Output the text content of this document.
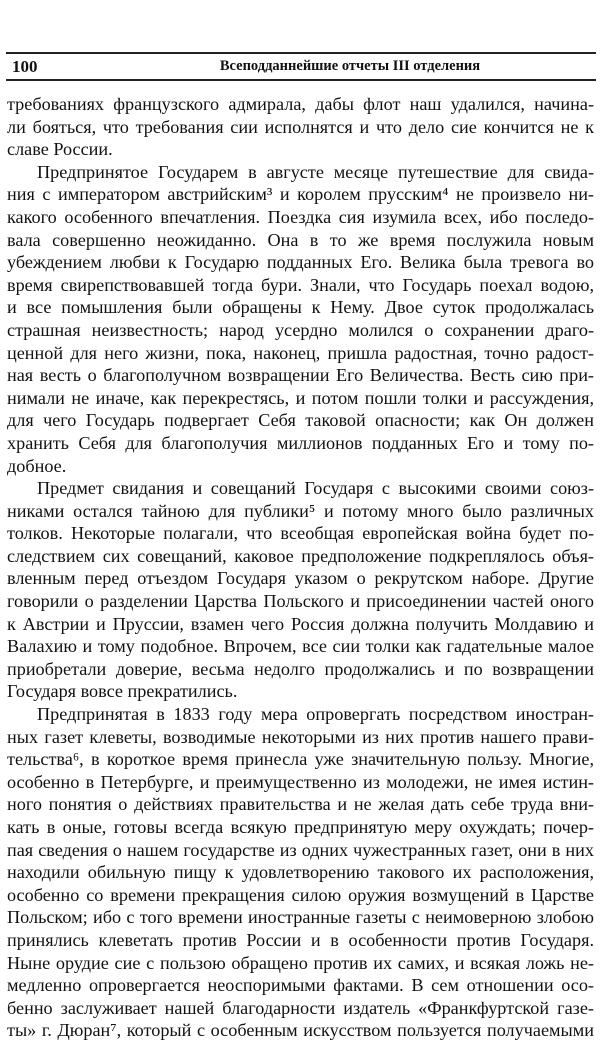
100	Всеподданнейшие отчеты III отделения
требованиях французского адмирала, дабы флот наш удалился, начина-
ли бояться, что требования сии исполнятся и что дело сие кончится не к
славе России.
Предпринятое Государем в августе месяце путешествие для свида-
ния с императором австрийским³ и королем прусским⁴ не произвело ни-
какого особенного впечатления. Поездка сия изумила всех, ибо последо-
вала совершенно неожиданно. Она в то же время послужила новым
убеждением любви к Государю подданных Его. Велика была тревога во
время свирепствовавшей тогда бури. Знали, что Государь поехал водою,
и все помышления были обращены к Нему. Двое суток продолжалась
страшная неизвестность; народ усердно молился о сохранении драго-
ценной для него жизни, пока, наконец, пришла радостная, точно радост-
ная весть о благополучном возвращении Его Величества. Весть сию при-
нимали не иначе, как перекрестясь, и потом пошли толки и рассуждения,
для чего Государь подвергает Себя таковой опасности; как Он должен
хранить Себя для благополучия миллионов подданных Его и тому по-
добное.
Предмет свидания и совещаний Государя с высокими своими союз-
никами остался тайною для публики⁵ и потому много было различных
толков. Некоторые полагали, что всеобщая европейская война будет по-
следствием сих совещаний, каковое предположение подкреплялось объя-
вленным перед отъездом Государя указом о рекрутском наборе. Другие
говорили о разделении Царства Польского и присоединении частей оного
к Австрии и Пруссии, взамен чего Россия должна получить Молдавию и
Валахию и тому подобное. Впрочем, все сии толки как гадательные малое
приобретали доверие, весьма недолго продолжались и по возвращении
Государя вовсе прекратились.
Предпринятая в 1833 году мера опровергать посредством иностран-
ных газет клеветы, возводимые некоторыми из них против нашего прави-
тельства⁶, в короткое время принесла уже значительную пользу. Многие,
особенно в Петербурге, и преимущественно из молодежи, не имея истин-
ного понятия о действиях правительства и не желая дать себе труда вни-
кать в оные, готовы всегда всякую предпринятую меру охуждать; почер-
пая сведения о нашем государстве из одних чужестранных газет, они в них
находили обильную пищу к удовлетворению такового их расположения,
особенно со времени прекращения силою оружия возмущений в Царстве
Польском; ибо с того времени иностранные газеты с неимоверною злобою
принялись клеветать против России и в особенности против Государя.
Ныне орудие сие с пользою обращено против их самих, и всякая ложь не-
медленно опровергается неоспоримыми фактами. В сем отношении осо-
бенно заслуживает нашей благодарности издатель «Франкфуртской газе-
ты» г. Дюран⁷, который с особенным искусством пользуется получаемыми
